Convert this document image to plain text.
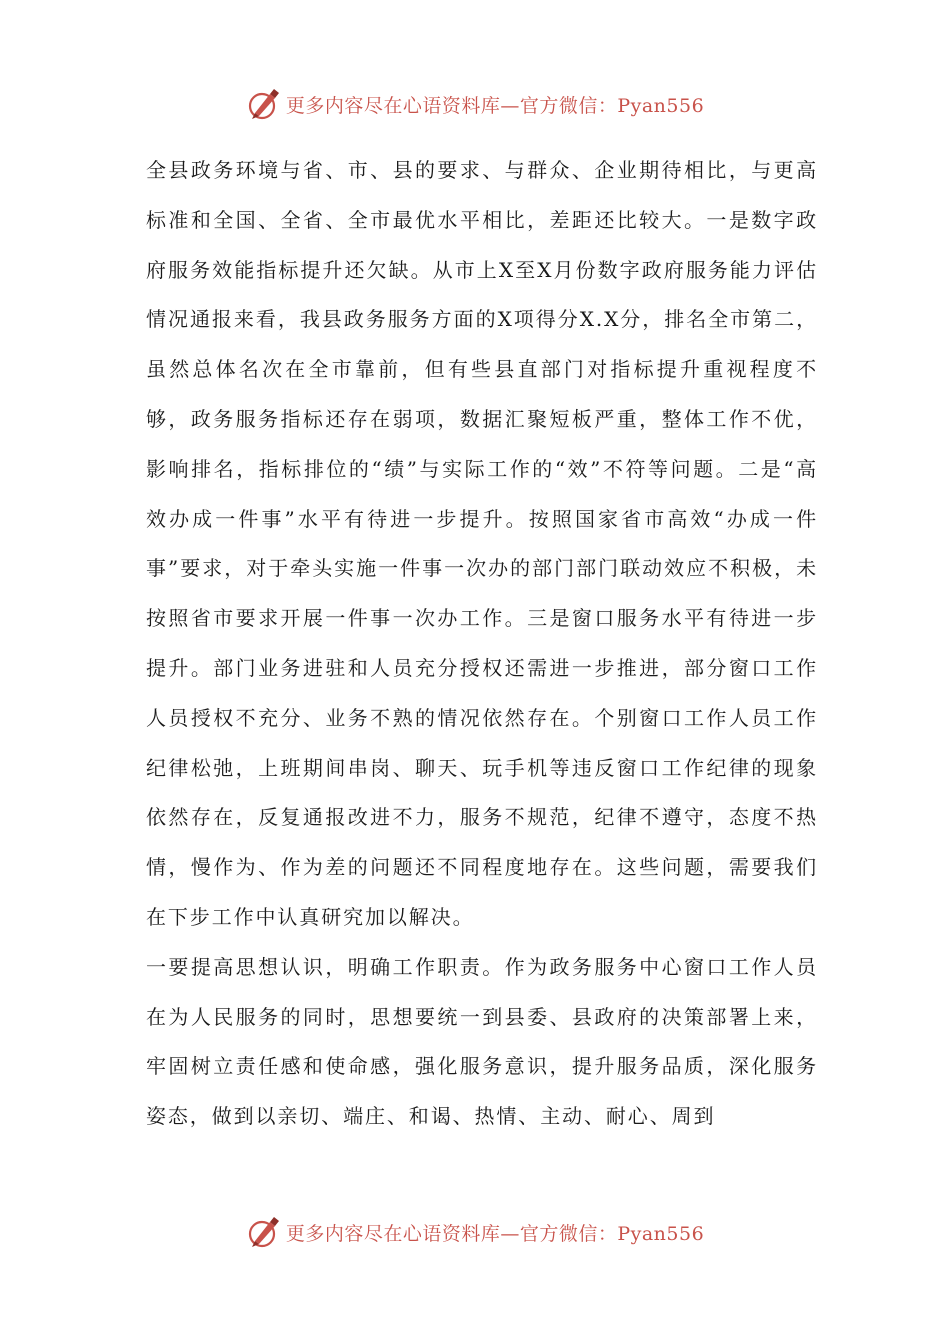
更多内容尽在心语资料库—官方微信：Pyan556

全县政务环境与省、市、县的要求、与群众、企业期待相比，与更高标准和全国、全省、全市最优水平相比，差距还比较大。一是数字政府服务效能指标提升还欠缺。从市上X至X月份数字政府服务能力评估情况通报来看，我县政务服务方面的X项得分X.X分，排名全市第二，虽然总体名次在全市靠前，但有些县直部门对指标提升重视程度不够，政务服务指标还存在弱项，数据汇聚短板严重，整体工作不优，影响排名，指标排位的“绩”与实际工作的“效”不符等问题。二是“高效办成一件事”水平有待进一步提升。按照国家省市高效“办成一件事”要求，对于牵头实施一件事一次办的部门部门联动效应不积极，未按照省市要求开展一件事一次办工作。三是窗口服务水平有待进一步提升。部门业务进驻和人员充分授权还需进一步推进，部分窗口工作人员授权不充分、业务不熟的情况依然存在。个别窗口工作人员工作纪律松弛，上班期间串岗、聊天、玩手机等违反窗口工作纪律的现象依然存在，反复通报改进不力，服务不规范，纪律不遵守，态度不热情，慢作为、作为差的问题还不同程度地存在。这些问题，需要我们在下步工作中认真研究加以解决。

一要提高思想认识，明确工作职责。作为政务服务中心窗口工作人员在为人民服务的同时，思想要统一到县委、县政府的决策部署上来，牢固树立责任感和使命感，强化服务意识，提升服务品质，深化服务姿态，做到以亲切、端庄、和谒、热情、主动、耐心、周到

更多内容尽在心语资料库—官方微信：Pyan556
